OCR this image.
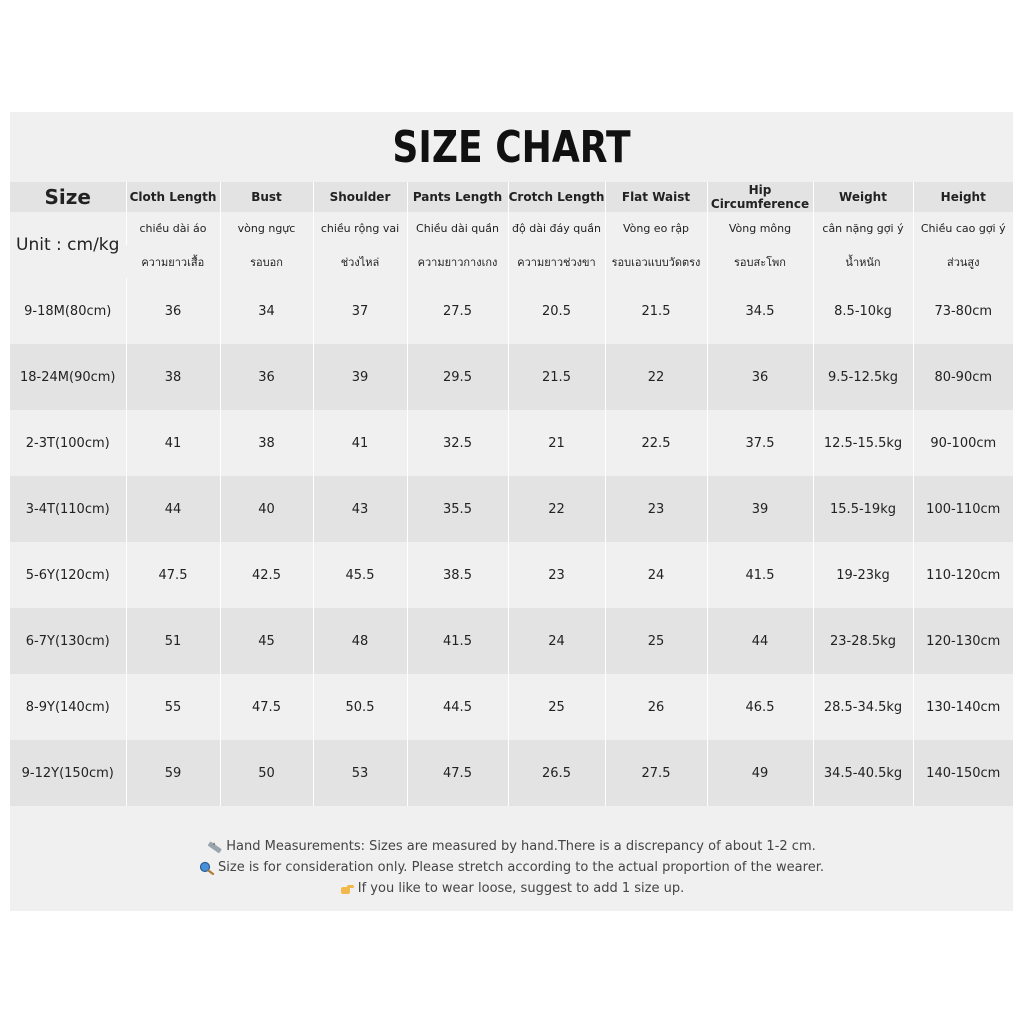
SIZE CHART
Size	Cloth Length	Bust	Shoulder	Pants Length	Crotch Length	Flat Waist	Hip Circumference	Weight	Height
Unit : cm/kg	chiều dài áo	vòng ngực	chiều rộng vai	Chiều dài quần	độ dài đáy quần	Vòng eo rập	Vòng mông	cân nặng gợi ý	Chiều cao gợi ý
	ความยาวเสื้อ	รอบอก	ช่วงไหล่	ความยาวกางเกง	ความยาวช่วงขา	รอบเอวแบบวัดตรง	รอบสะโพก	น้ำหนัก	ส่วนสูง
9-18M(80cm)	36	34	37	27.5	20.5	21.5	34.5	8.5-10kg	73-80cm
18-24M(90cm)	38	36	39	29.5	21.5	22	36	9.5-12.5kg	80-90cm
2-3T(100cm)	41	38	41	32.5	21	22.5	37.5	12.5-15.5kg	90-100cm
3-4T(110cm)	44	40	43	35.5	22	23	39	15.5-19kg	100-110cm
5-6Y(120cm)	47.5	42.5	45.5	38.5	23	24	41.5	19-23kg	110-120cm
6-7Y(130cm)	51	45	48	41.5	24	25	44	23-28.5kg	120-130cm
8-9Y(140cm)	55	47.5	50.5	44.5	25	26	46.5	28.5-34.5kg	130-140cm
9-12Y(150cm)	59	50	53	47.5	26.5	27.5	49	34.5-40.5kg	140-150cm
Hand Measurements: Sizes are measured by hand.There is a discrepancy of about 1-2 cm.
Size is for consideration only. Please stretch according to the actual proportion of the wearer.
If you like to wear loose, suggest to add 1 size up.
